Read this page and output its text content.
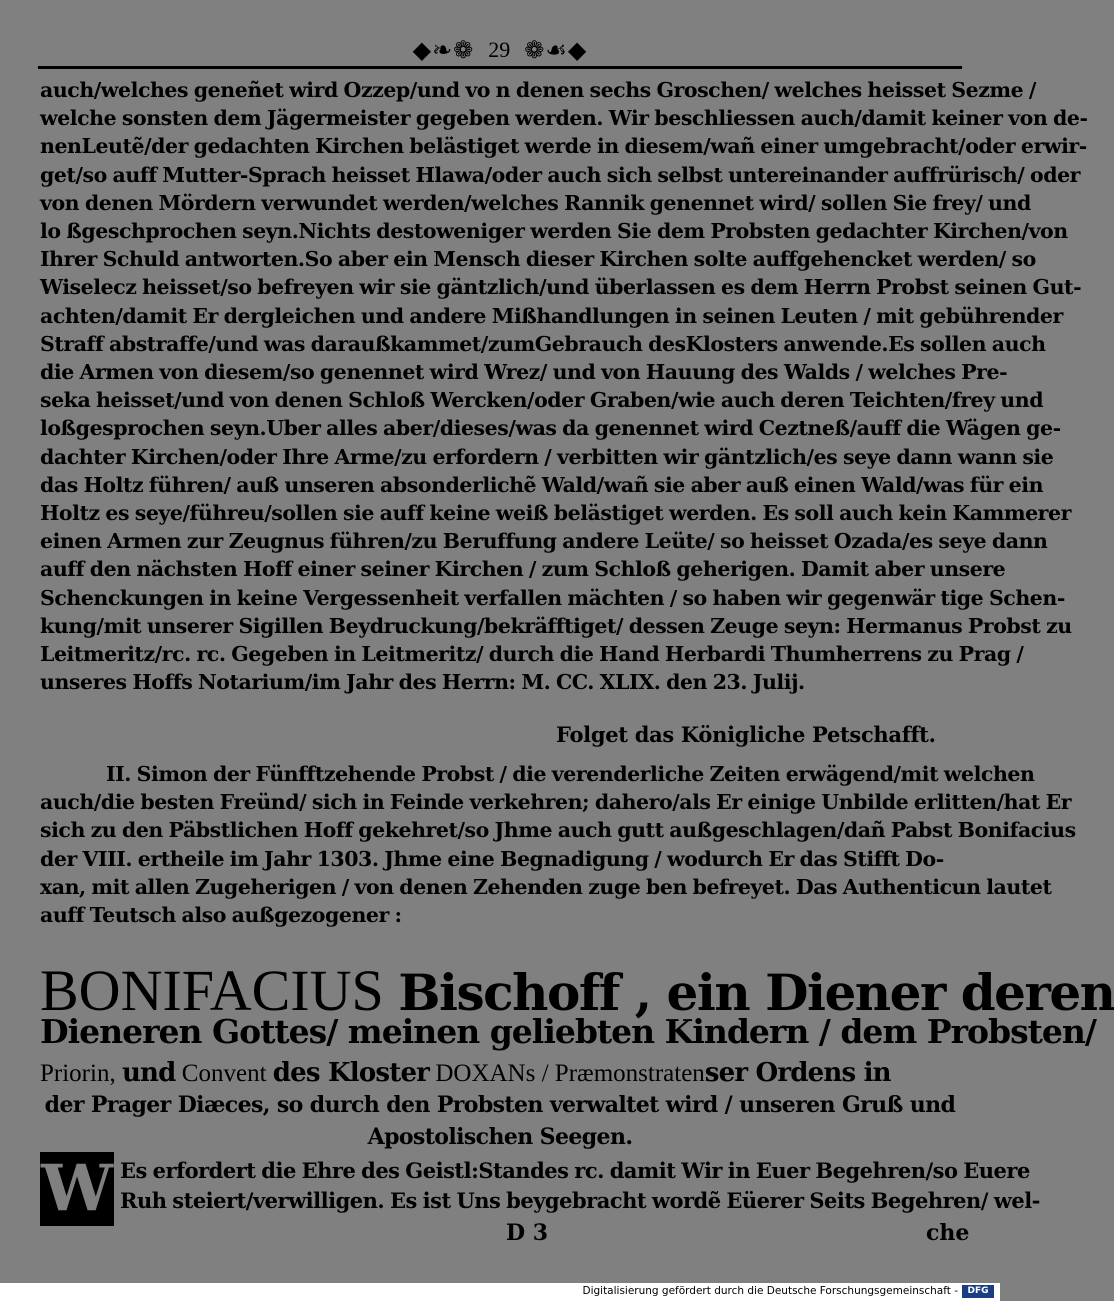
◆❧❁ 29 ❁☙◆
auch/welches geneñet wird Ozzep/und vo n denen sechs Groschen/ welches heisset Sezme /
welche sonsten dem Jägermeister gegeben werden. Wir beschliessen auch/damit keiner von de-
nenLeutẽ/der gedachten Kirchen belästiget werde in diesem/wañ einer umgebracht/oder erwir-
get/so auff Mutter-Sprach heisset Hlawa/oder auch sich selbst untereinander auffrürisch/ oder
von denen Mördern verwundet werden/welches Rannik genennet wird/ sollen Sie frey/ und
lo ßgeschprochen seyn.Nichts destoweniger werden Sie dem Probsten gedachter Kirchen/von
Ihrer Schuld antworten.So aber ein Mensch dieser Kirchen solte auffgehencket werden/ so
Wiselecz heisset/so befreyen wir sie gäntzlich/und überlassen es dem Herrn Probst seinen Gut-
achten/damit Er dergleichen und andere Mißhandlungen in seinen Leuten / mit gebührender
Straff abstraffe/und was daraußkammet/zumGebrauch desKlosters anwende.Es sollen auch
die Armen von diesem/so genennet wird Wrez/ und von Hauung des Walds / welches Pre-
seka heisset/und von denen Schloß Wercken/oder Graben/wie auch deren Teichten/frey und
loßgesprochen seyn.Uber alles aber/dieses/was da genennet wird Ceztneß/auff die Wägen ge-
dachter Kirchen/oder Ihre Arme/zu erfordern / verbitten wir gäntzlich/es seye dann wann sie
das Holtz führen/ auß unseren absonderlichẽ Wald/wañ sie aber auß einen Wald/was für ein
Holtz es seye/führeu/sollen sie auff keine weiß belästiget werden. Es soll auch kein Kammerer
einen Armen zur Zeugnus führen/zu Beruffung andere Leüte/ so heisset Ozada/es seye dann
auff den nächsten Hoff einer seiner Kirchen / zum Schloß geherigen. Damit aber unsere
Schenckungen in keine Vergessenheit verfallen mächten / so haben wir gegenwär tige Schen-
kung/mit unserer Sigillen Beydruckung/bekräfftiget/ dessen Zeuge seyn: Hermanus Probst zu
Leitmeritz/rc. rc. Gegeben in Leitmeritz/ durch die Hand Herbardi Thumherrens zu Prag /
unseres Hoffs Notarium/im Jahr des Herrn: M. CC. XLIX. den 23. Julij.
Folget das Königliche Petschafft.
II. Simon der Fünfftzehende Probst / die verenderliche Zeiten erwägend/mit welchen
auch/die besten Freünd/ sich in Feinde verkehren; dahero/als Er einige Unbilde erlitten/hat Er
sich zu den Päbstlichen Hoff gekehret/so Jhme auch gutt außgeschlagen/dañ Pabst Bonifacius
der VIII. ertheile im Jahr 1303. Jhme eine Begnadigung / wodurch Er das Stifft Do-
xan, mit allen Zugeherigen / von denen Zehenden zuge ben befreyet. Das Authenticun lautet
auff Teutsch also außgezogener :
BONIFACIUS Bischoff , ein Diener deren
Dieneren Gottes/ meinen geliebten Kindern / dem Probsten/
Priorin, und Convent des Kloster DOXANs / Præmonstratenser Ordens in
der Prager Diæces, so durch den Probsten verwaltet wird / unseren Gruß und
Apostolischen Seegen.
W Es erfordert die Ehre des Geistl:Standes rc. damit Wir in Euer Begehren/so Euere
Ruh steiert/verwilligen. Es ist Uns beygebracht wordẽ Eüerer Seits Begehren/ wel-
D 3	che
Digitalisierung gefördert durch die Deutsche Forschungsgemeinschaft -	DFG
